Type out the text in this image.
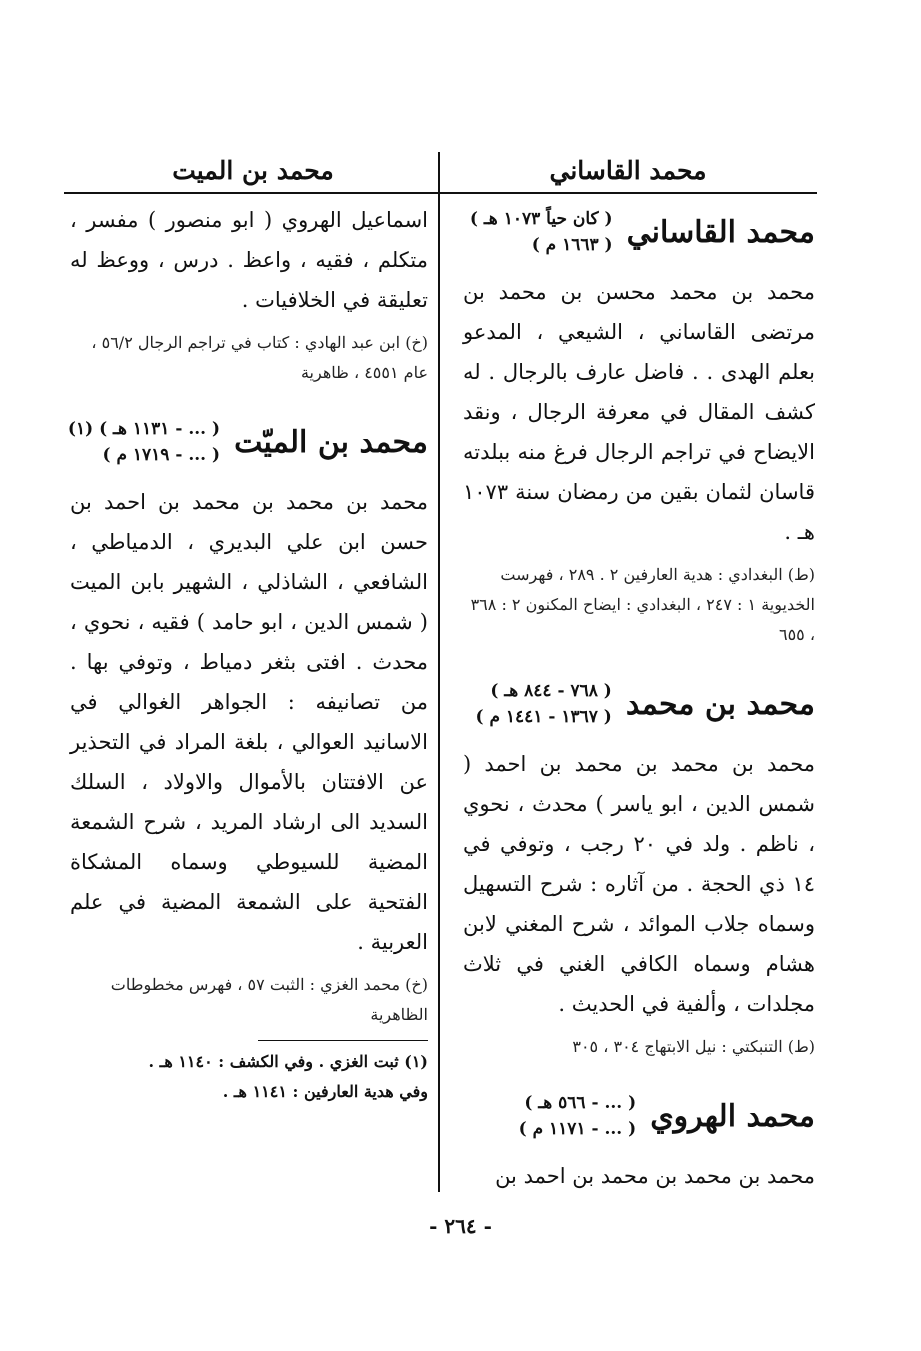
محمد القاساني
محمد بن الميت
محمد القاساني
( كان حياً ١٠٧٣ هـ )
( ١٦٦٣ م )

محمد بن محمد محسن بن محمد بن مرتضى القاساني ، الشيعي ، المدعو بعلم الهدى . . فاضل عارف بالرجال . له كشف المقال في معرفة الرجال ، ونقد الايضاح في تراجم الرجال فرغ منه ببلدته قاسان لثمان بقين من رمضان سنة ١٠٧٣ هـ .

(ط) البغدادي : هدية العارفين ٢ . ٢٨٩ ، فهرست الخديوية ١ : ٢٤٧ ، البغدادي : ايضاح المكنون ٢ : ٣٦٨ ، ٦٥٥

محمد بن محمد
( ٧٦٨ - ٨٤٤ هـ )
( ١٣٦٧ - ١٤٤١ م )

محمد بن محمد بن محمد بن احمد ( شمس الدين ، ابو ياسر ) محدث ، نحوي ، ناظم . ولد في ٢٠ رجب ، وتوفي في ١٤ ذي الحجة . من آثاره : شرح التسهيل وسماه جلاب الموائد ، شرح المغني لابن هشام وسماه الكافي الغني في ثلاث مجلدات ، وألفية في الحديث .

(ط) التنبكتي : نيل الابتهاج ٣٠٤ ، ٣٠٥

محمد الهروي
( ... - ٥٦٦ هـ )
( ... - ١١٧١ م )

محمد بن محمد بن محمد بن احمد بن

اسماعيل الهروي ( ابو منصور ) مفسر ، متكلم ، فقيه ، واعظ . درس ، ووعظ له تعليقة في الخلافيات .

(خ) ابن عبد الهادي : كتاب في تراجم الرجال ٥٦/٢ ، عام ٤٥٥١ ، ظاهرية

محمد بن الميّت
( ... - ١١٣١ هـ ) (١)
( ... - ١٧١٩ م )

محمد بن محمد بن محمد بن احمد بن حسن ابن علي البديري ، الدمياطي ، الشافعي ، الشاذلي ، الشهير بابن الميت ( شمس الدين ، ابو حامد ) فقيه ، نحوي ، محدث . افتى بثغر دمياط ، وتوفي بها . من تصانيفه : الجواهر الغوالي في الاسانيد العوالي ، بلغة المراد في التحذير عن الافتتان بالأموال والاولاد ، السلك السديد الى ارشاد المريد ، شرح الشمعة المضية للسيوطي وسماه المشكاة الفتحية على الشمعة المضية في علم العربية .

(خ) محمد الغزي : الثبت ٥٧ ، فهرس مخطوطات الظاهرية

(١) ثبت الغزي . وفي الكشف : ١١٤٠ هـ .

وفي هدية العارفين : ١١٤١ هـ .

- ٢٦٤ -
